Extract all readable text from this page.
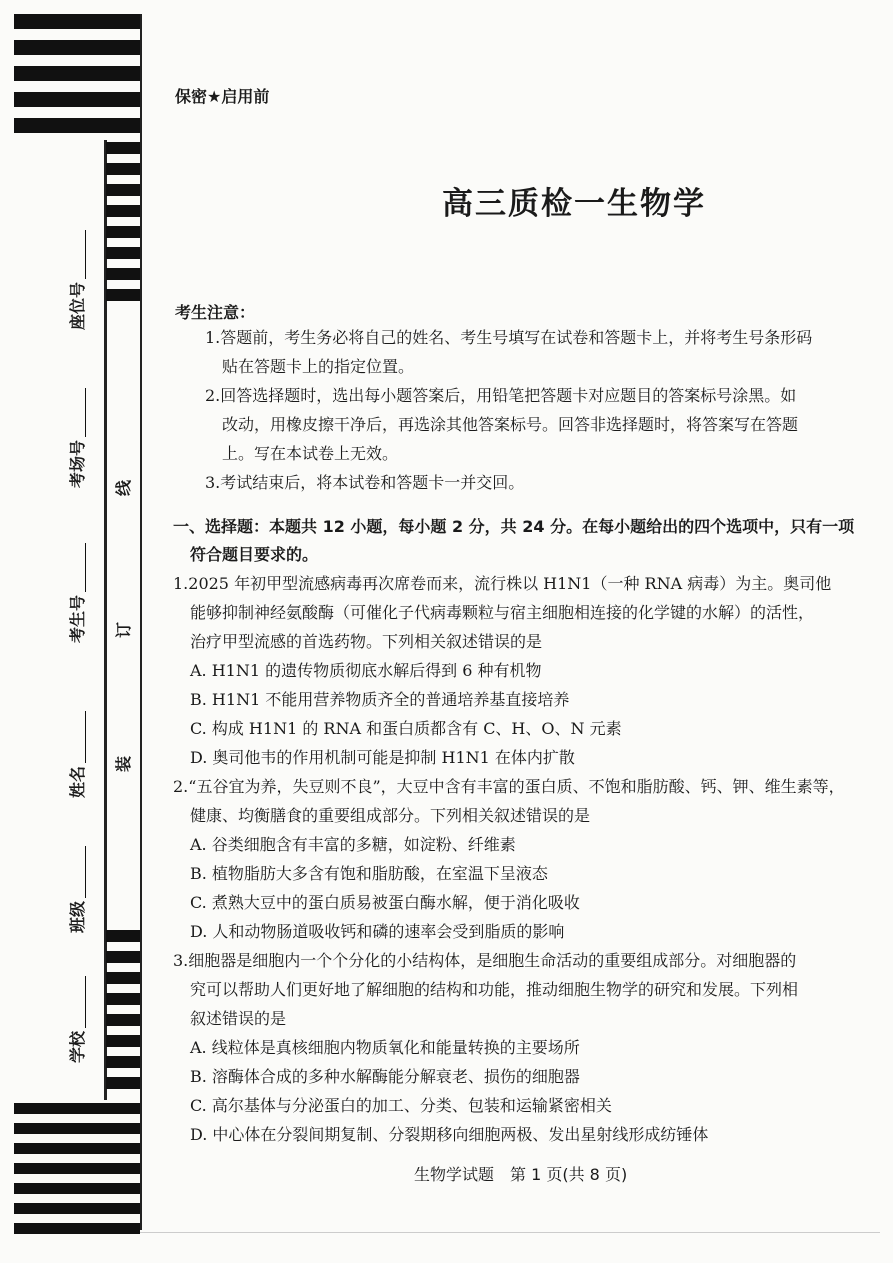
座位号
考场号
考生号
姓名
班级
学校
线
订
装
保密★启用前
高三质检一生物学
考生注意：
1.答题前，考生务必将自己的姓名、考生号填写在试卷和答题卡上，并将考生号条形码
贴在答题卡上的指定位置。
2.回答选择题时，选出每小题答案后，用铅笔把答题卡对应题目的答案标号涂黑。如
改动，用橡皮擦干净后，再选涂其他答案标号。回答非选择题时，将答案写在答题
上。写在本试卷上无效。
3.考试结束后，将本试卷和答题卡一并交回。
一、选择题：本题共 12 小题，每小题 2 分，共 24 分。在每小题给出的四个选项中，只有一项
符合题目要求的。
1.2025 年初甲型流感病毒再次席卷而来，流行株以 H1N1（一种 RNA 病毒）为主。奥司他
能够抑制神经氨酸酶（可催化子代病毒颗粒与宿主细胞相连接的化学键的水解）的活性，
治疗甲型流感的首选药物。下列相关叙述错误的是
A. H1N1 的遗传物质彻底水解后得到 6 种有机物
B. H1N1 不能用营养物质齐全的普通培养基直接培养
C. 构成 H1N1 的 RNA 和蛋白质都含有 C、H、O、N 元素
D. 奥司他韦的作用机制可能是抑制 H1N1 在体内扩散
2.“五谷宜为养，失豆则不良”，大豆中含有丰富的蛋白质、不饱和脂肪酸、钙、钾、维生素等，
健康、均衡膳食的重要组成部分。下列相关叙述错误的是
A. 谷类细胞含有丰富的多糖，如淀粉、纤维素
B. 植物脂肪大多含有饱和脂肪酸，在室温下呈液态
C. 煮熟大豆中的蛋白质易被蛋白酶水解，便于消化吸收
D. 人和动物肠道吸收钙和磷的速率会受到脂质的影响
3.细胞器是细胞内一个个分化的小结构体，是细胞生命活动的重要组成部分。对细胞器的
究可以帮助人们更好地了解细胞的结构和功能，推动细胞生物学的研究和发展。下列相
叙述错误的是
A. 线粒体是真核细胞内物质氧化和能量转换的主要场所
B. 溶酶体合成的多种水解酶能分解衰老、损伤的细胞器
C. 高尔基体与分泌蛋白的加工、分类、包装和运输紧密相关
D. 中心体在分裂间期复制、分裂期移向细胞两极、发出星射线形成纺锤体
生物学试题　第 1 页(共 8 页)
